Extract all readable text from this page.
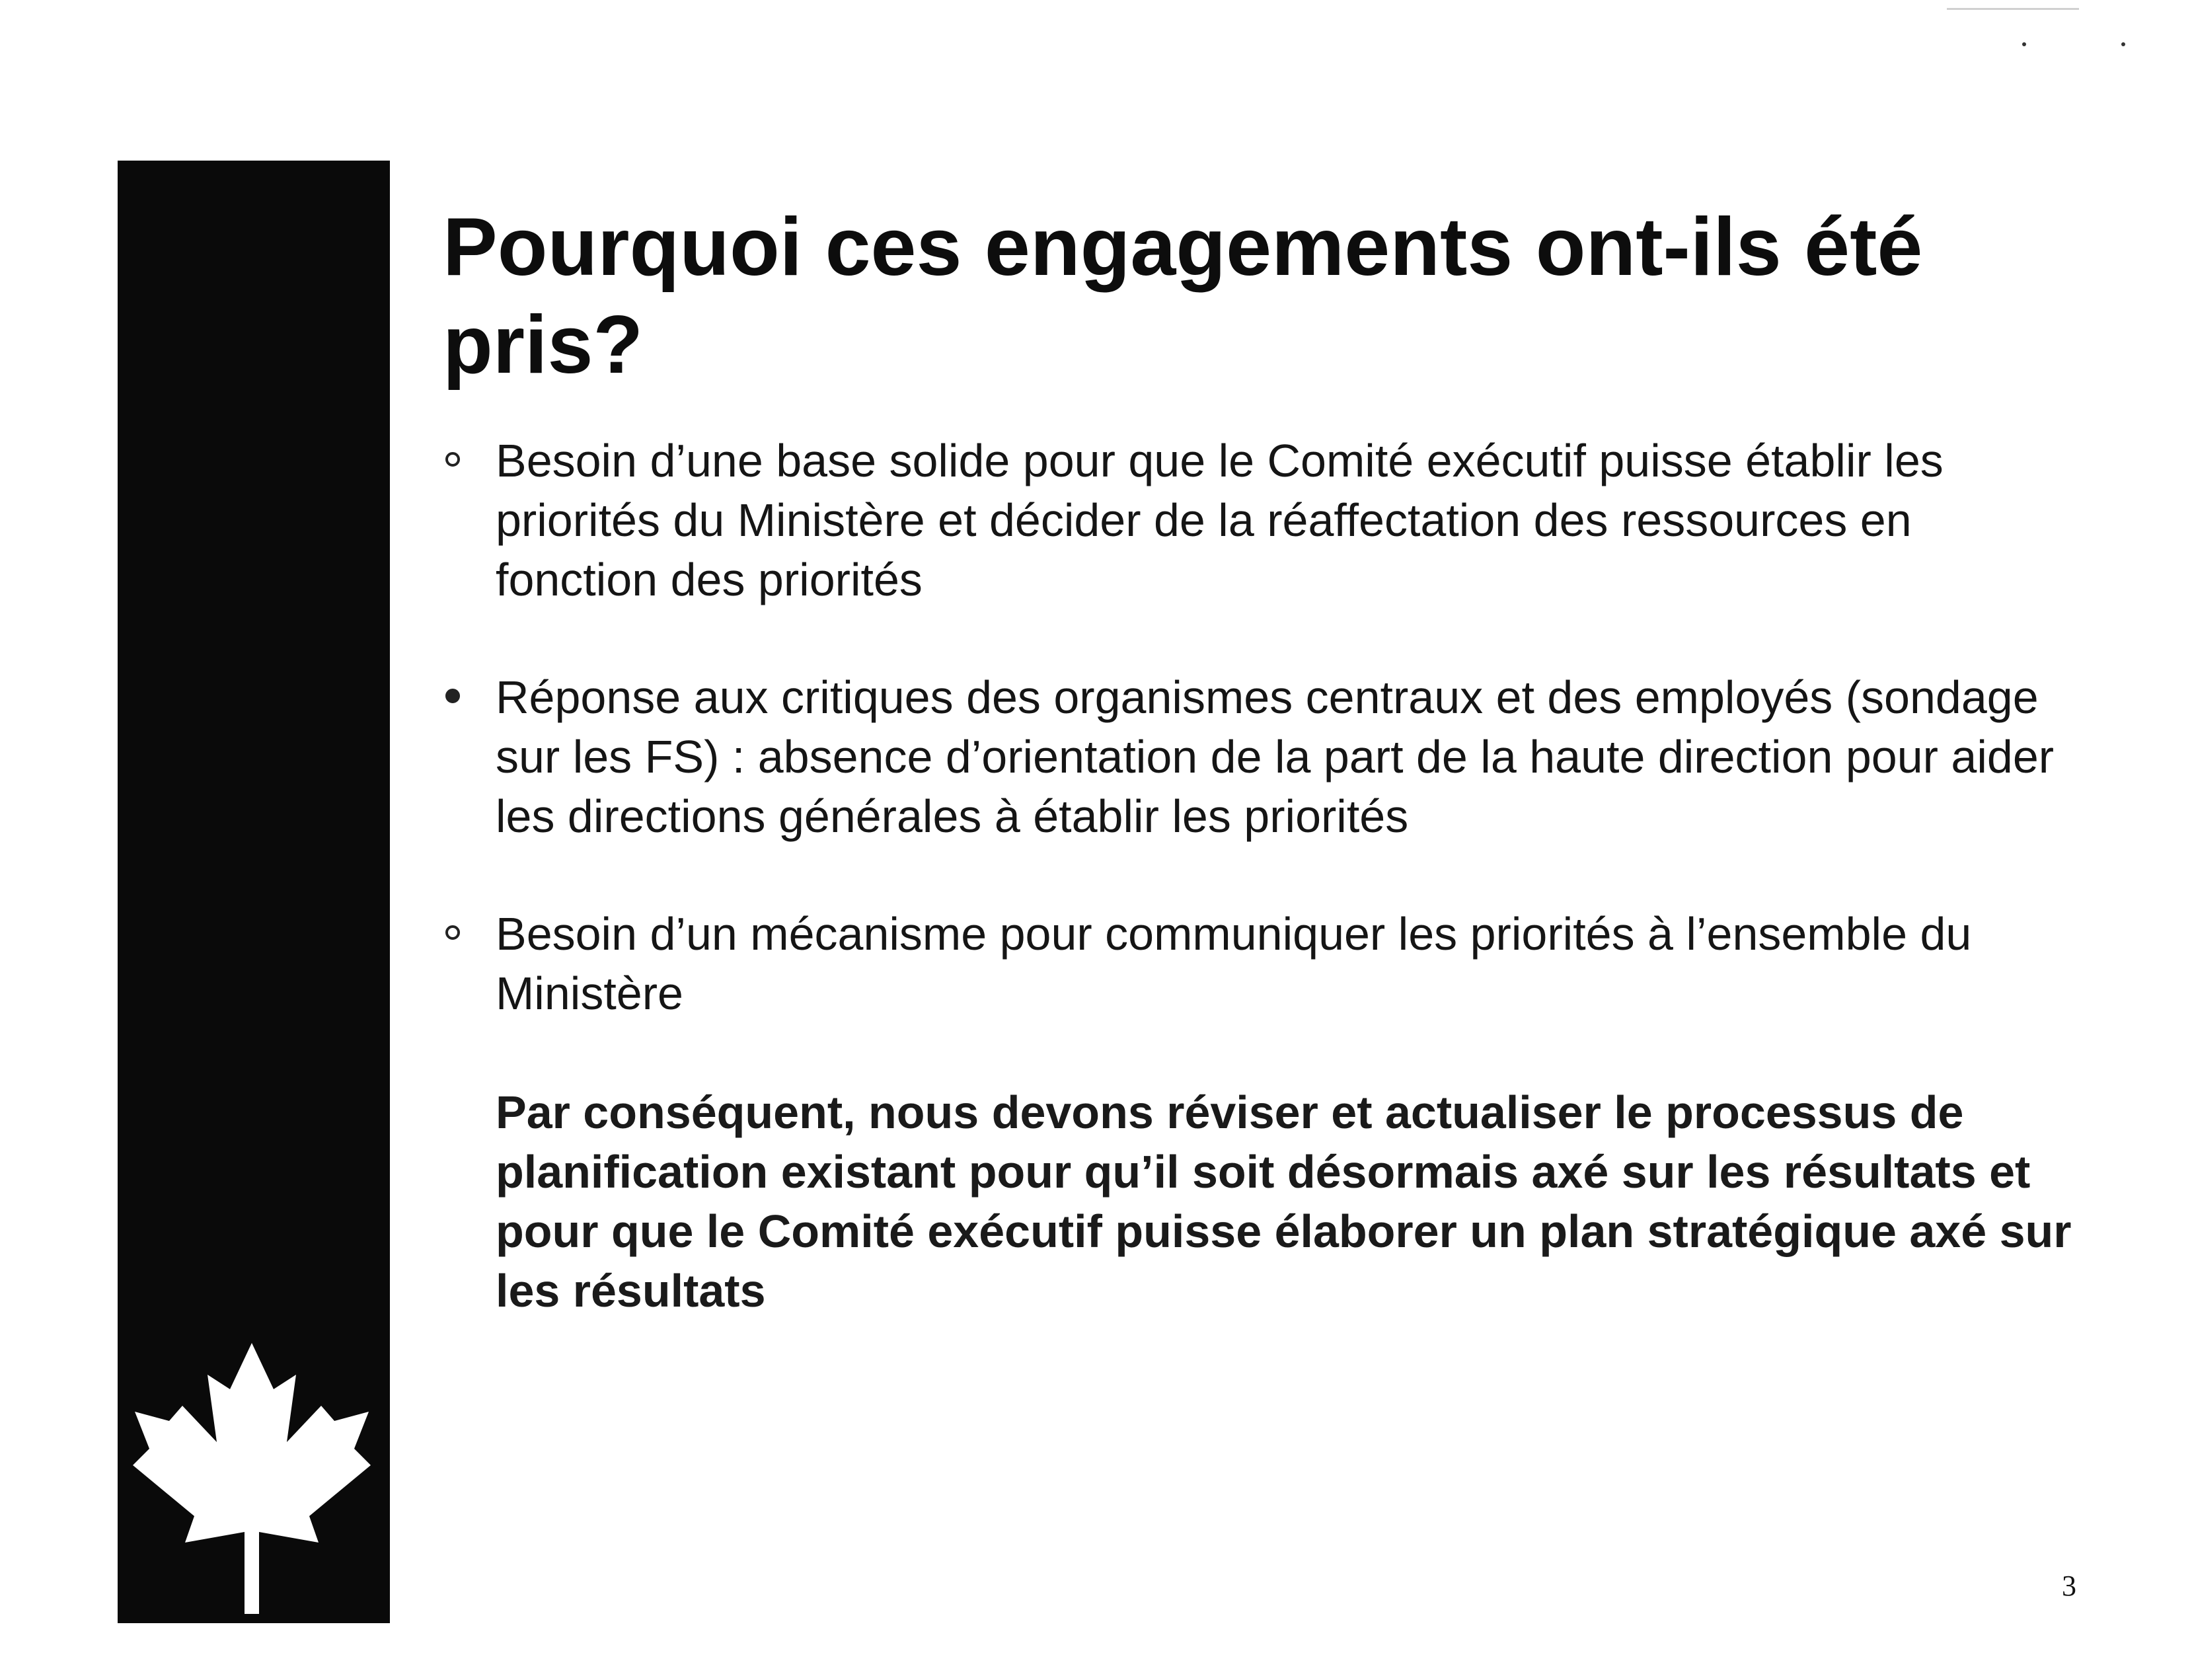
Pourquoi ces engagements ont-ils été pris?

Besoin d’une base solide pour que le Comité exécutif puisse établir les priorités du Ministère et décider de la réaffectation des ressources en fonction des priorités

Réponse aux critiques des organismes centraux et des employés (sondage sur les FS) : absence d’orientation de la part de la haute direction pour aider les directions générales à établir les priorités

Besoin d’un mécanisme pour communiquer les priorités à l’ensemble du Ministère

Par conséquent, nous devons réviser et actualiser le processus de planification existant pour qu’il soit désormais axé sur les résultats et pour que le Comité exécutif puisse élaborer un plan stratégique axé sur les résultats

3
